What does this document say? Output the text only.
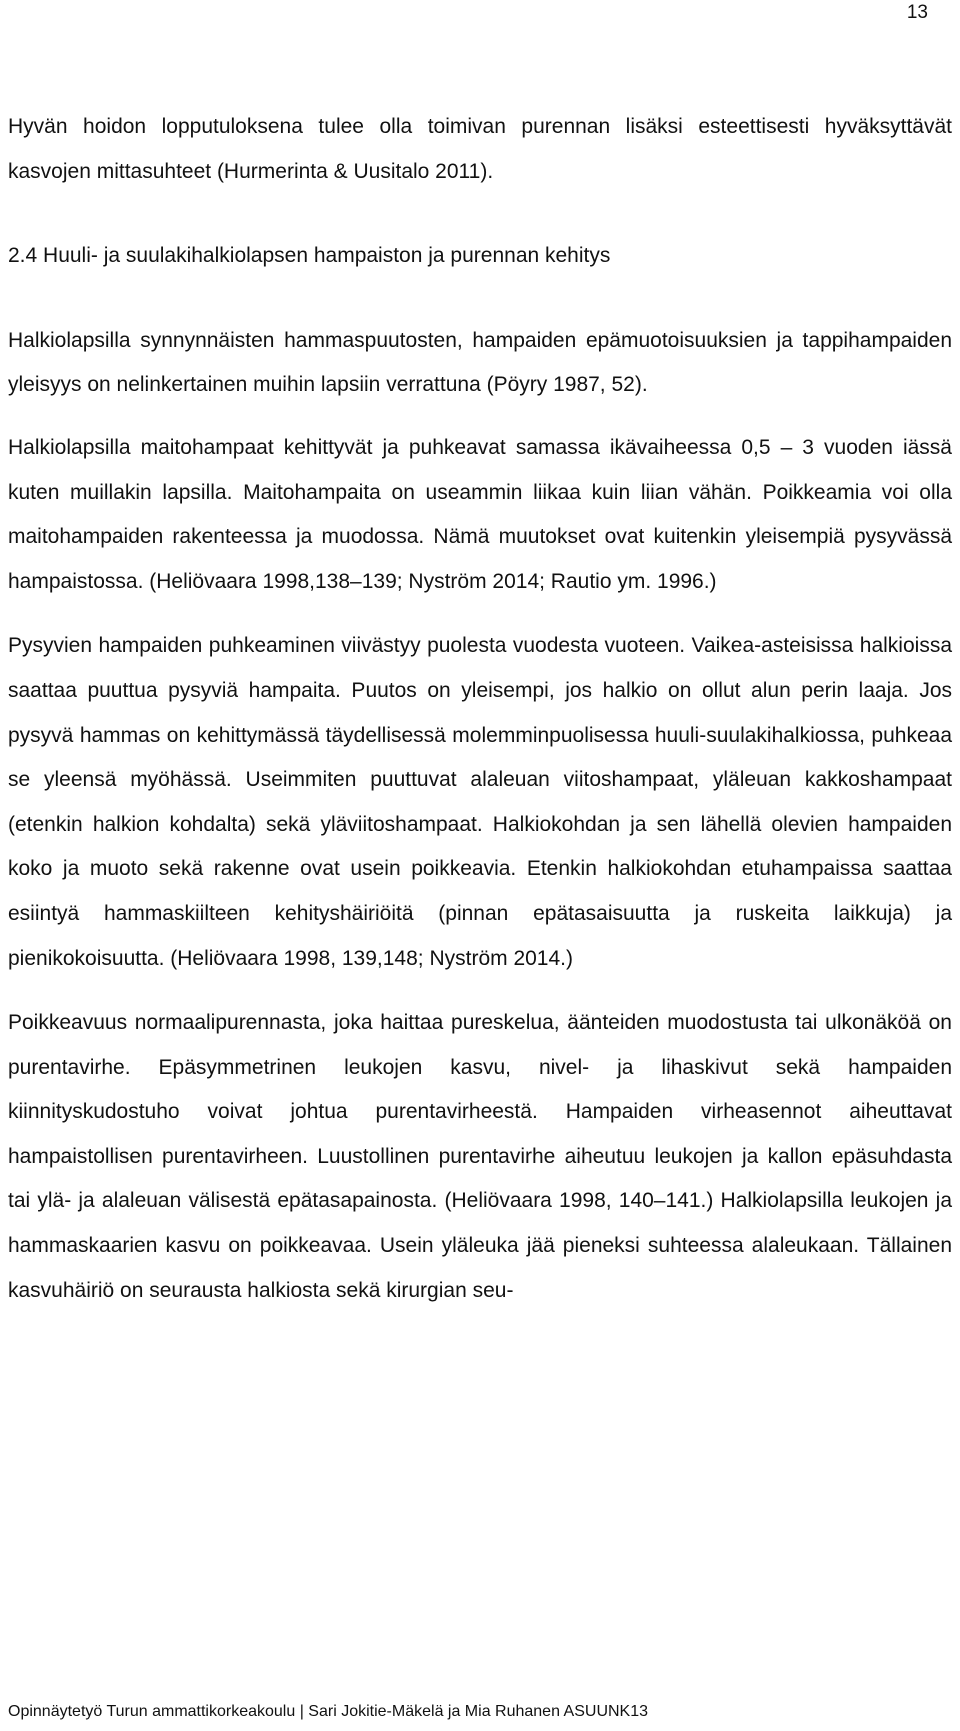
13

Hyvän hoidon lopputuloksena tulee olla toimivan purennan lisäksi esteettisesti hyväksyttävät kasvojen mittasuhteet (Hurmerinta & Uusitalo 2011).

2.4 Huuli- ja suulakihalkiolapsen hampaiston ja purennan kehitys

Halkiolapsilla synnynnäisten hammaspuutosten, hampaiden epämuotoisuuksien ja tappihampaiden yleisyys on nelinkertainen muihin lapsiin verrattuna (Pöyry 1987, 52).

Halkiolapsilla maitohampaat kehittyvät ja puhkeavat samassa ikävaiheessa 0,5 – 3 vuoden iässä kuten muillakin lapsilla. Maitohampaita on useammin liikaa kuin liian vähän. Poikkeamia voi olla maitohampaiden rakenteessa ja muodossa. Nämä muutokset ovat kuitenkin yleisempiä pysyvässä hampaistossa. (Heliövaara 1998,138–139; Nyström 2014; Rautio ym. 1996.)

Pysyvien hampaiden puhkeaminen viivästyy puolesta vuodesta vuoteen. Vaikea-asteisissa halkioissa saattaa puuttua pysyviä hampaita. Puutos on yleisempi, jos halkio on ollut alun perin laaja. Jos pysyvä hammas on kehittymässä täydellisessä molemminpuolisessa huuli-suulakihalkiossa, puhkeaa se yleensä myöhässä. Useimmiten puuttuvat alaleuan viitoshampaat, yläleuan kakkoshampaat (etenkin halkion kohdalta) sekä yläviitoshampaat. Halkiokohdan ja sen lähellä olevien hampaiden koko ja muoto sekä rakenne ovat usein poikkeavia. Etenkin halkiokohdan etuhampaissa saattaa esiintyä hammaskiilteen kehityshäiriöitä (pinnan epätasaisuutta ja ruskeita laikkuja) ja pienikokoisuutta. (Heliövaara 1998, 139,148; Nyström 2014.)

Poikkeavuus normaalipurennasta, joka haittaa pureskelua, äänteiden muodostusta tai ulkonäköä on purentavirhe. Epäsymmetrinen leukojen kasvu, nivel- ja lihaskivut sekä hampaiden kiinnityskudostuho voivat johtua purentavirheestä. Hampaiden virheasennot aiheuttavat hampaistollisen purentavirheen. Luustollinen purentavirhe aiheutuu leukojen ja kallon epäsuhdasta tai ylä- ja alaleuan välisestä epätasapainosta. (Heliövaara 1998, 140–141.) Halkiolapsilla leukojen ja hammaskaarien kasvu on poikkeavaa. Usein yläleuka jää pieneksi suhteessa alaleukaan. Tällainen kasvuhäiriö on seurausta halkiosta sekä kirurgian seu-

Opinnäytetyö Turun ammattikorkeakoulu | Sari Jokitie-Mäkelä ja Mia Ruhanen ASUUNK13
